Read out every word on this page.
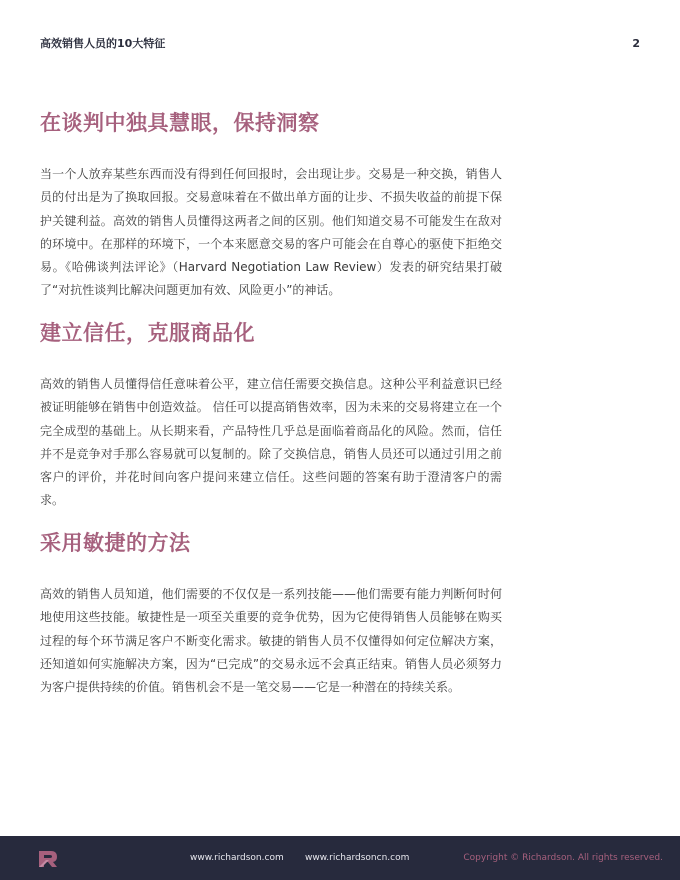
高效销售人员的10大特征	2
在谈判中独具慧眼，保持洞察

当一个人放弃某些东西而没有得到任何回报时，会出现让步。交易是一种交换，销售人员的付出是为了换取回报。交易意味着在不做出单方面的让步、不损失收益的前提下保护关键利益。高效的销售人员懂得这两者之间的区别。他们知道交易不可能发生在敌对的环境中。在那样的环境下，一个本来愿意交易的客户可能会在自尊心的驱使下拒绝交易。《哈佛谈判法评论》（Harvard Negotiation Law Review）发表的研究结果打破了“对抗性谈判比解决问题更加有效、风险更小”的神话。

建立信任，克服商品化

高效的销售人员懂得信任意味着公平，建立信任需要交换信息。这种公平利益意识已经被证明能够在销售中创造效益。 信任可以提高销售效率，因为未来的交易将建立在一个完全成型的基础上。从长期来看，产品特性几乎总是面临着商品化的风险。然而，信任并不是竞争对手那么容易就可以复制的。除了交换信息，销售人员还可以通过引用之前客户的评价，并花时间向客户提问来建立信任。这些问题的答案有助于澄清客户的需求。

采用敏捷的方法

高效的销售人员知道，他们需要的不仅仅是一系列技能——他们需要有能力判断何时何地使用这些技能。敏捷性是一项至关重要的竞争优势，因为它使得销售人员能够在购买过程的每个环节满足客户不断变化需求。敏捷的销售人员不仅懂得如何定位解决方案，还知道如何实施解决方案，因为“已完成”的交易永远不会真正结束。销售人员必须努力为客户提供持续的价值。销售机会不是一笔交易——它是一种潜在的持续关系。

www.richardson.com www.richardsoncn.com	Copyright © Richardson. All rights reserved.
